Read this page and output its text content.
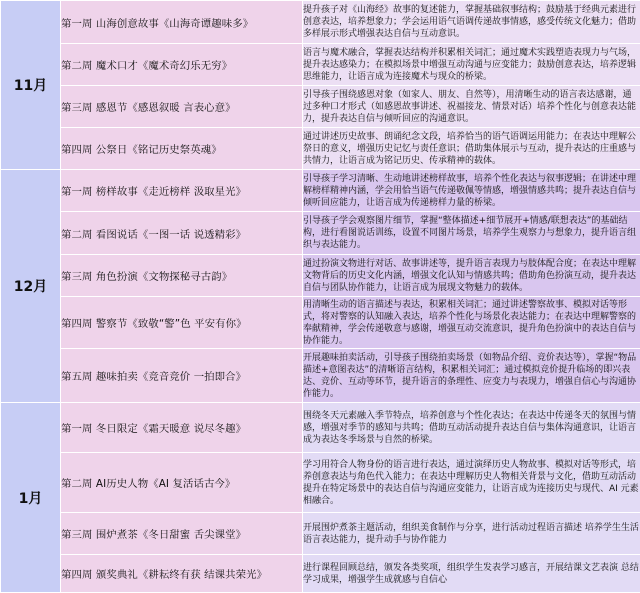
11月	第一周 山海创意故事《山海奇谭趣味多》	提升孩子对《山海经》故事的复述能力，掌握基础叙事结构；鼓励基于经典元素进行创意表达，培养想象力；学会运用语气语调传递故事情感，感受传统文化魅力；借助多样展示形式增强表达自信与互动意识。
	第二周 魔术口才《魔术奇幻乐无穷》	语言与魔术融合，掌握表达结构并积累相关词汇；通过魔术实践塑造表现力与气场，提升表达感染力；在模拟场景中增强互动沟通与应变能力；鼓励创意表达，培养逻辑思维能力，让语言成为连接魔术与现众的桥梁。
	第三周 感恩节《感恩叙暖 言表心意》	引导孩子围绕感恩对象（如家人、朋友、自然等），用清晰生动的语言表达感谢，通过多种口才形式（如感恩故事讲述、祝福接龙、情景对话）培养个性化与创意表达能力，提升表达自信与倾听回应的沟通意识。
	第四周 公祭日《铭记历史祭英魂》	通过讲述历史故事、朗诵纪念文段，培养恰当的语气语调运用能力；在表达中理解公祭日的意义，增强历史记忆与责任意识；借助集体展示与互动，提升表达的庄重感与共情力，让语言成为铭记历史、传承精神的载体。
12月	第一周 榜样故事《走近榜样 汲取星光》	引导孩子学习清晰、生动地讲述榜样故事，培养个性化表达与叙事逻辑；在讲述中理解榜样精神内涵，学会用恰当语气传递敬佩等情感，增强情感共鸣；提升表达自信与倾听回应能力，让语言成为传递榜样力量的桥梁。
	第二周 看图说话《一图一话 说透精彩》	引导孩子学会观察图片细节，掌握“整体描述+细节展开+情感/联想表达”的基础结构，进行看图说话训练，设置不同图片场景，培养学生观察力与想象力，提升语言组织与表达能力。
	第三周 角色扮演《文物探秘寻古韵》	通过扮演文物进行对话、故事讲述等，提升语言表现力与肢体配合度；在表达中理解文物背后的历史文化内涵，增强文化认知与情感共鸣；借助角色扮演互动，提升表达自信与团队协作能力，让语言成为展现文物魅力的载体。
	第四周 警察节《致敬“警”色 平安有你》	用清晰生动的语言描述与表达，积累相关词汇；通过讲述警察故事、模拟对话等形式，将对警察的认知融入表达，培养个性化与场景化表达能力；在表达中理解警察的奉献精神，学会传递敬意与感谢，增强互动交流意识，提升角色扮演中的表达自信与协作能力。
	第五周 趣味拍卖《竞音竞价 一拍即合》	开展趣味拍卖活动，引导孩子围绕拍卖场景（如物品介绍、竞价表达等），掌握“物品描述+意图表达”的清晰语言结构，积累相关词汇；通过模拟竞价提升临场的即兴表达、竞价、互动等环节，提升语言的条理性、应变力与表现力，增强自信心与沟通协作能力。
1月	第一周 冬日限定《霜天暖意 说尽冬趣》	围绕冬天元素融入季节特点，培养创意与个性化表达；在表达中传递冬天的氛围与情感，增强对季节的感知与共鸣；借助互动活动提升表达自信与集体沟通意识，让语言成为表达冬季场景与自然的桥梁。
	第二周 AI历史人物《AI 复活话古今》	学习用符合人物身份的语言进行表达，通过演绎历史人物故事、模拟对话等形式，培养创意表达与角色代入能力；在表达中理解历史人物相关背景与文化，借助互动活动提升在特定场景中的表达自信与沟通应变能力，让语言成为连接历史与现代、AI 元素相融合。
	第三周 围炉煮茶《冬日甜蜜 舌尖课堂》	开展围炉煮茶主题活动，组织美食制作与分享，进行活动过程语言描述 培养学生生活语言表达能力，提升动手与协作能力
	第四周 颁奖典礼《耕耘终有获 结课共荣光》	进行课程回顾总结，颁发各类奖项，组织学生发表学习感言，开展结课文艺表演 总结学习成果，增强学生成就感与自信心
